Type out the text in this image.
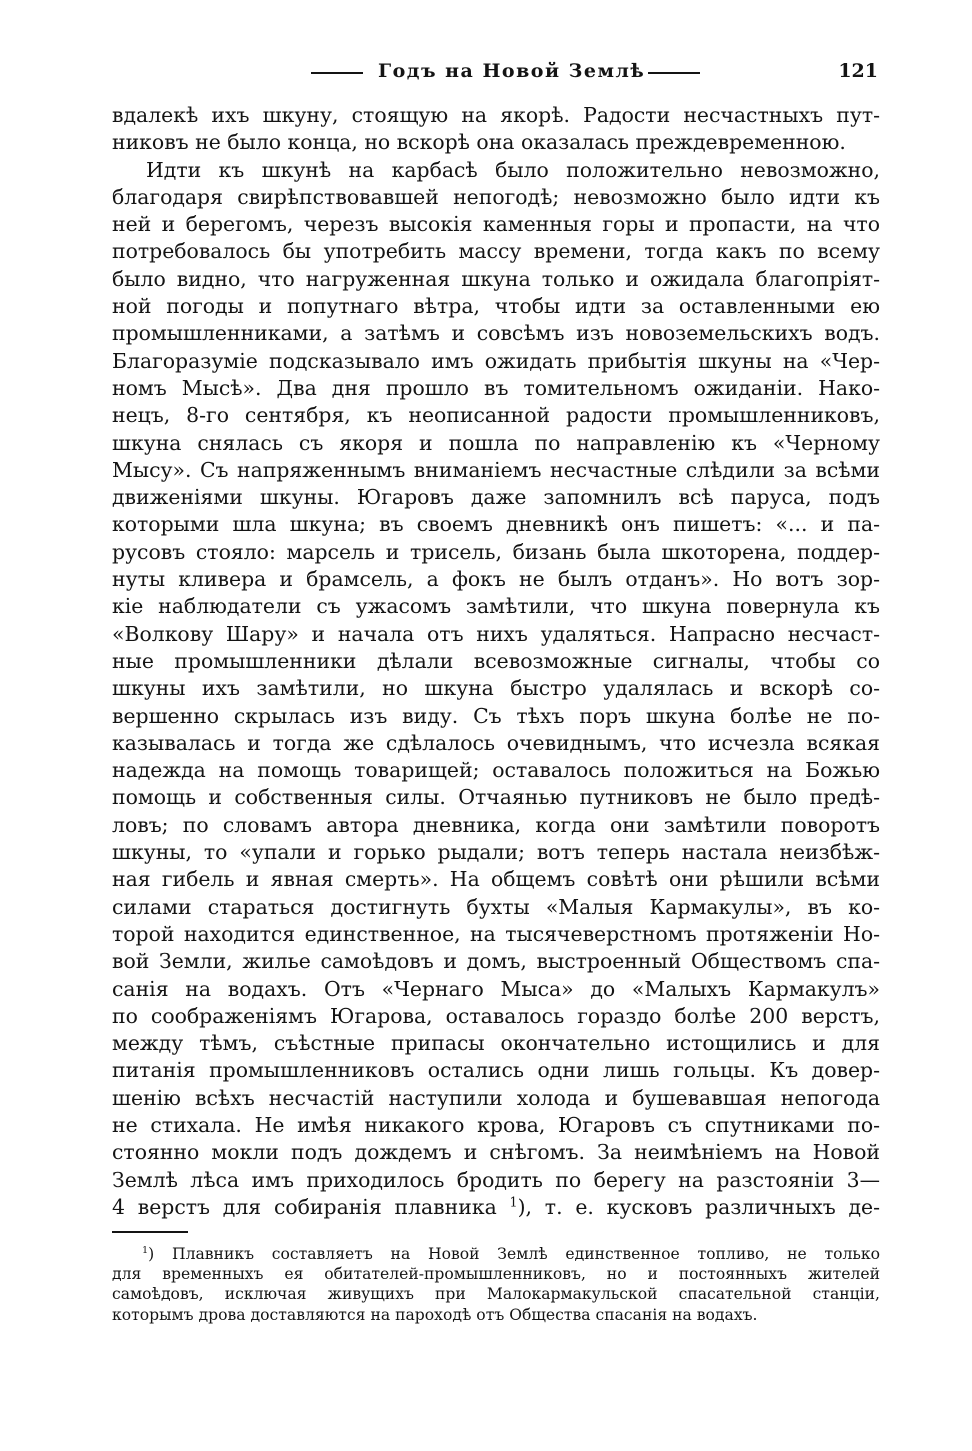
Годъ на Новой Землѣ	121
вдалекѣ ихъ шкуну, стоящую на якорѣ. Радости несчастныхъ пут-
никовъ не было конца, но вскорѣ она оказалась преждевременною.
Идти къ шкунѣ на карбасѣ было положительно невозможно,
благодаря свирѣпствовавшей непогодѣ; невозможно было идти къ
ней и берегомъ, черезъ высокія каменныя горы и пропасти, на что
потребовалось бы употребить массу времени, тогда какъ по всему
было видно, что нагруженная шкуна только и ожидала благопріят-
ной погоды и попутнаго вѣтра, чтобы идти за оставленными ею
промышленниками, а затѣмъ и совсѣмъ изъ новоземельскихъ водъ.
Благоразуміе подсказывало имъ ожидать прибытія шкуны на «Чер-
номъ Мысѣ». Два дня прошло въ томительномъ ожиданіи. Нако-
нецъ, 8-го сентября, къ неописанной радости промышленниковъ,
шкуна снялась съ якоря и пошла по направленію къ «Черному
Мысу». Съ напряженнымъ вниманіемъ несчастные слѣдили за всѣми
движеніями шкуны. Югаровъ даже запомнилъ всѣ паруса, подъ
которыми шла шкуна; въ своемъ дневникѣ онъ пишетъ: «... и па-
русовъ стояло: марсель и трисель, бизань была шкоторена, поддер-
нуты кливера и брамсель, а фокъ не былъ отданъ». Но вотъ зор-
кіе наблюдатели съ ужасомъ замѣтили, что шкуна повернула къ
«Волкову Шару» и начала отъ нихъ удаляться. Напрасно несчаст-
ные промышленники дѣлали всевозможные сигналы, чтобы со
шкуны ихъ замѣтили, но шкуна быстро удалялась и вскорѣ со-
вершенно скрылась изъ виду. Съ тѣхъ поръ шкуна болѣе не по-
казывалась и тогда же сдѣлалось очевиднымъ, что исчезла всякая
надежда на помощь товарищей; оставалось положиться на Божью
помощь и собственныя силы. Отчаянью путниковъ не было предѣ-
ловъ; по словамъ автора дневника, когда они замѣтили поворотъ
шкуны, то «упали и горько рыдали; вотъ теперь настала неизбѣж-
ная гибель и явная смерть». На общемъ совѣтѣ они рѣшили всѣми
силами стараться достигнуть бухты «Малыя Кармакулы», въ ко-
торой находится единственное, на тысячеверстномъ протяженіи Но-
вой Земли, жилье самоѣдовъ и домъ, выстроенный Обществомъ спа-
санія на водахъ. Отъ «Чернаго Мыса» до «Малыхъ Кармакулъ»
по соображеніямъ Югарова, оставалось гораздо болѣе 200 верстъ,
между тѣмъ, съѣстные припасы окончательно истощились и для
питанія промышленниковъ остались одни лишь гольцы. Къ довер-
шенію всѣхъ несчастій наступили холода и бушевавшая непогода
не стихала. Не имѣя никакого крова, Югаровъ съ спутниками по-
стоянно мокли подъ дождемъ и снѣгомъ. За неимѣніемъ на Новой
Землѣ лѣса имъ приходилось бродить по берегу на разстояніи 3—
4 верстъ для собиранія плавника $^1$), т. е. кусковъ различныхъ де-
$^1$) Плавникъ составляетъ на Новой Землѣ единственное топливо, не только
для временныхъ ея обитателей-промышленниковъ, но и постоянныхъ жителей
самоѣдовъ, исключая живущихъ при Малокармакульской спасательной станціи,
которымъ дрова доставляются на пароходѣ отъ Общества спасанія на водахъ.
